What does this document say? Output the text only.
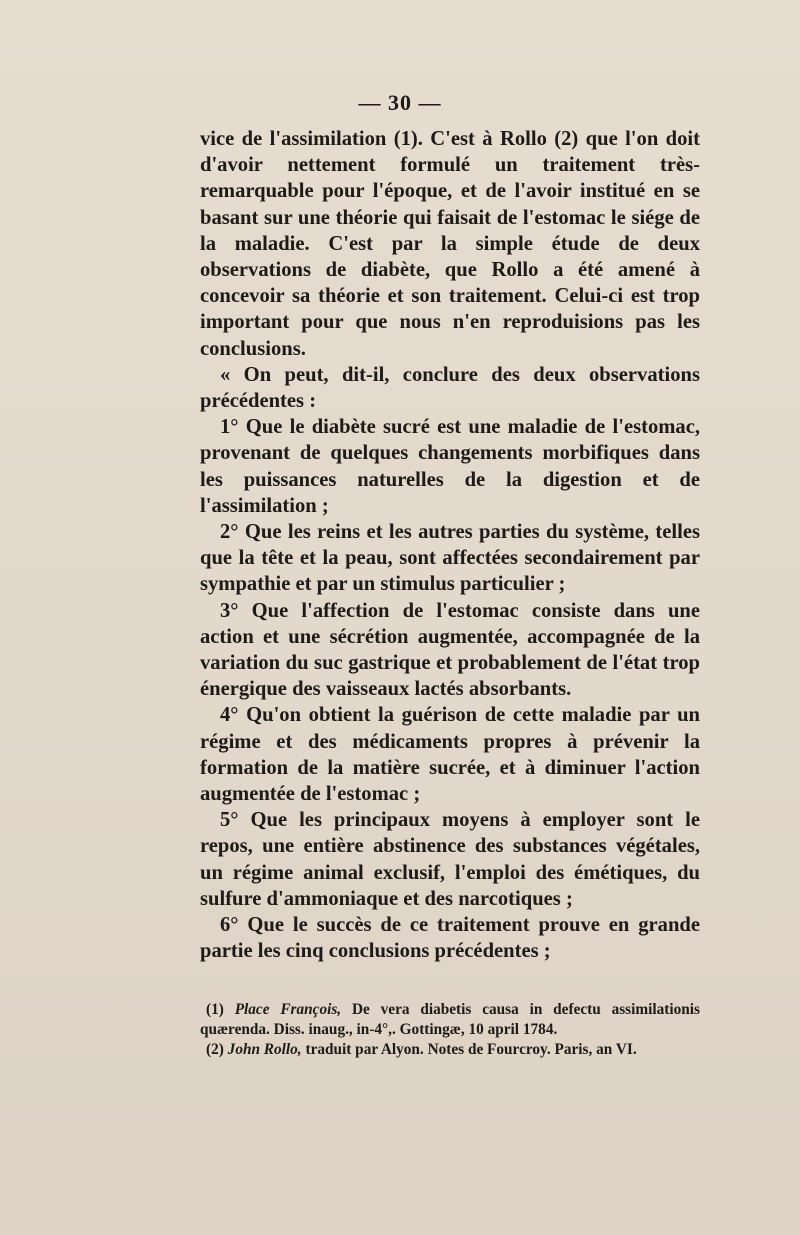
— 30 —

vice de l'assimilation (1). C'est à Rollo (2) que l'on doit d'avoir nettement formulé un traitement très-remarquable pour l'époque, et de l'avoir institué en se basant sur une théorie qui faisait de l'estomac le siége de la maladie. C'est par la simple étude de deux observations de diabète, que Rollo a été amené à concevoir sa théorie et son traitement. Celui-ci est trop important pour que nous n'en reproduisions pas les conclusions.

« On peut, dit-il, conclure des deux observations précédentes :

1° Que le diabète sucré est une maladie de l'estomac, provenant de quelques changements morbifiques dans les puissances naturelles de la digestion et de l'assimilation ;

2° Que les reins et les autres parties du système, telles que la tête et la peau, sont affectées secondairement par sympathie et par un stimulus particulier ;

3° Que l'affection de l'estomac consiste dans une action et une sécrétion augmentée, accompagnée de la variation du suc gastrique et probablement de l'état trop énergique des vaisseaux lactés absorbants.

4° Qu'on obtient la guérison de cette maladie par un régime et des médicaments propres à prévenir la formation de la matière sucrée, et à diminuer l'action augmentée de l'estomac ;

5° Que les principaux moyens à employer sont le repos, une entière abstinence des substances végétales, un régime animal exclusif, l'emploi des émétiques, du sulfure d'ammoniaque et des narcotiques ;

6° Que le succès de ce traitement prouve en grande partie les cinq conclusions précédentes ;

(1) Place François, De vera diabetis causa in defectu assimilationis quærenda. Diss. inaug., in-4°,. Gottingæ, 10 april 1784.

(2) John Rollo, traduit par Alyon. Notes de Fourcroy. Paris, an VI.
